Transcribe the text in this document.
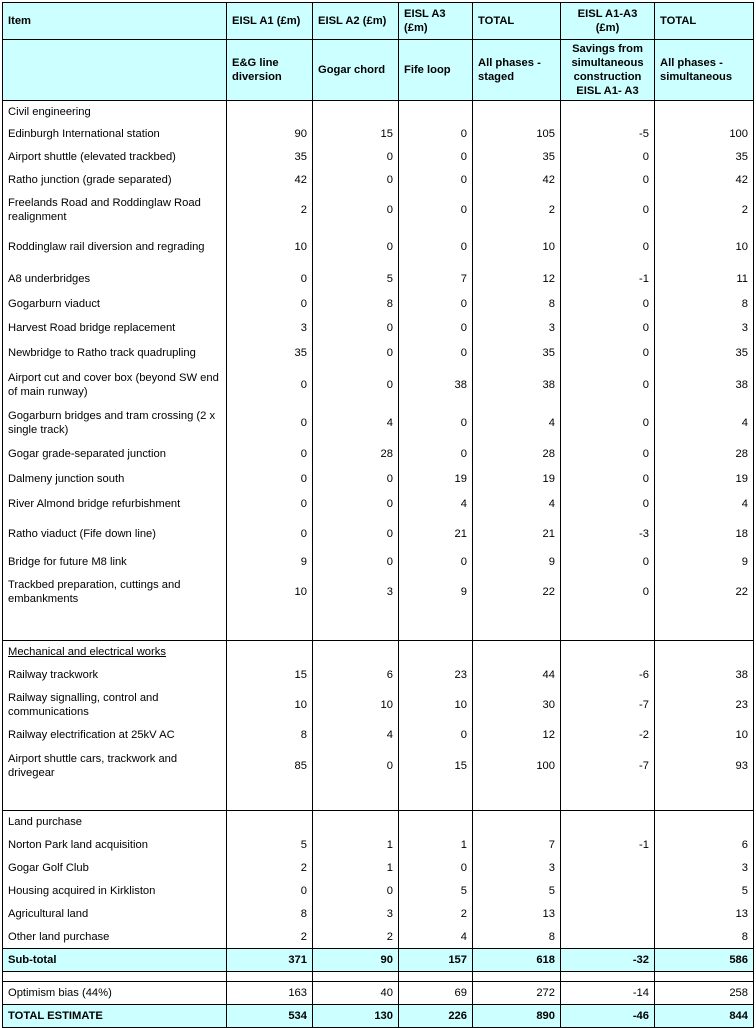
Item	EISL A1 (£m)	EISL A2 (£m)	EISL A3 (£m)	TOTAL	EISL A1-A3 (£m)	TOTAL
	E&G line diversion	Gogar chord	Fife loop	All phases - staged	Savings from simultaneous construction EISL A1- A3	All phases - simultaneous
Civil engineering						
Edinburgh International station	90	15	0	105	-5	100
Airport shuttle (elevated trackbed)	35	0	0	35	0	35
Ratho junction (grade separated)	42	0	0	42	0	42
Freelands Road and Roddinglaw Road realignment	2	0	0	2	0	2
Roddinglaw rail diversion and regrading	10	0	0	10	0	10
A8 underbridges	0	5	7	12	-1	11
Gogarburn viaduct	0	8	0	8	0	8
Harvest Road bridge replacement	3	0	0	3	0	3
Newbridge to Ratho track quadrupling	35	0	0	35	0	35
Airport cut and cover box (beyond SW end of main runway)	0	0	38	38	0	38
Gogarburn bridges and tram crossing (2 x single track)	0	4	0	4	0	4
Gogar grade-separated junction	0	28	0	28	0	28
Dalmeny junction south	0	0	19	19	0	19
River Almond bridge refurbishment	0	0	4	4	0	4
Ratho viaduct (Fife down line)	0	0	21	21	-3	18
Bridge for future M8 link	9	0	0	9	0	9
Trackbed preparation, cuttings and embankments	10	3	9	22	0	22

Mechanical and electrical works						
Railway trackwork	15	6	23	44	-6	38
Railway signalling, control and communications	10	10	10	30	-7	23
Railway electrification at 25kV AC	8	4	0	12	-2	10
Airport shuttle cars, trackwork and drivegear	85	0	15	100	-7	93

Land purchase						
Norton Park land acquisition	5	1	1	7	-1	6
Gogar Golf Club	2	1	0	3		3
Housing acquired in Kirkliston	0	0	5	5		5
Agricultural land	8	3	2	13		13
Other land purchase	2	2	4	8		8
Sub-total	371	90	157	618	-32	586

Optimism bias (44%)	163	40	69	272	-14	258
TOTAL ESTIMATE	534	130	226	890	-46	844
